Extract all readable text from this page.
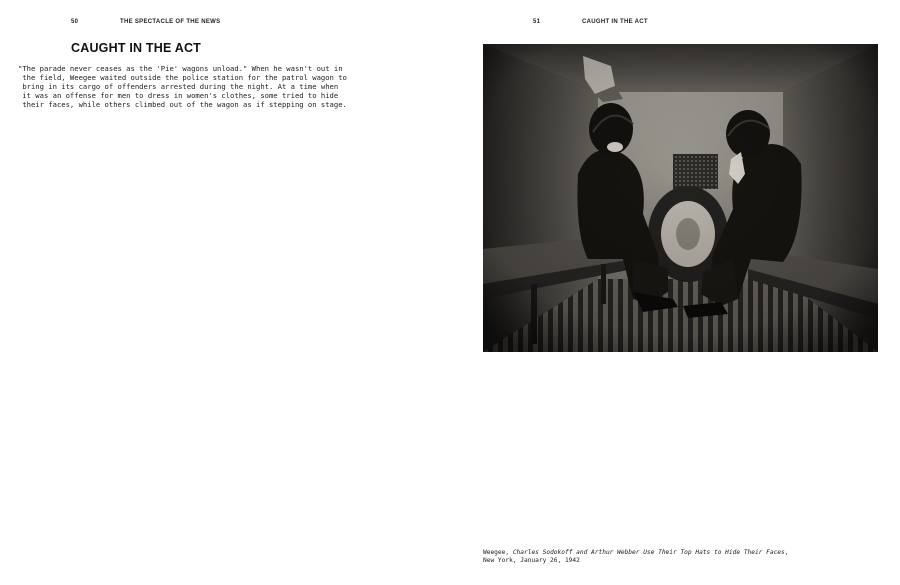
50	THE SPECTACLE OF THE NEWS
CAUGHT IN THE ACT
"The parade never ceases as the 'Pie' wagons unload." When he wasn't out in
the field, Weegee waited outside the police station for the patrol wagon to
bring in its cargo of offenders arrested during the night. At a time when
it was an offense for men to dress in women's clothes, some tried to hide
their faces, while others climbed out of the wagon as if stepping on stage.
51	CAUGHT IN THE ACT
Weegee, Charles Sodokoff and Arthur Webber Use Their Top Hats to Hide Their Faces,
New York, January 26, 1942
